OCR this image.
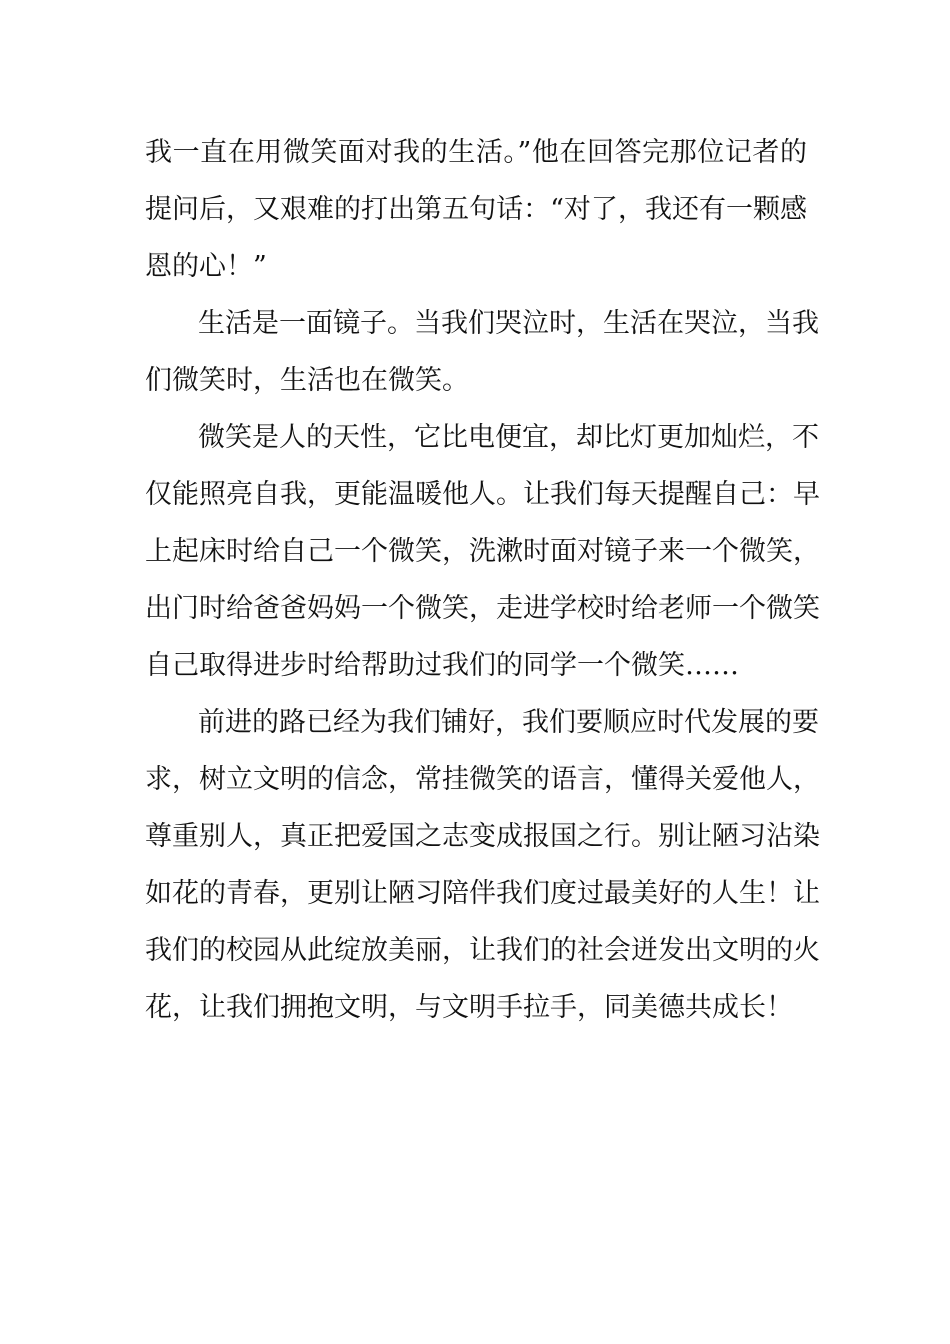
我一直在用微笑面对我的生活。”他在回答完那位记者的
提问后，又艰难的打出第五句话：“对了，我还有一颗感
恩的心！”
生活是一面镜子。当我们哭泣时，生活在哭泣，当我
们微笑时，生活也在微笑。
微笑是人的天性，它比电便宜，却比灯更加灿烂，不
仅能照亮自我，更能温暖他人。让我们每天提醒自己：早
上起床时给自己一个微笑，洗漱时面对镜子来一个微笑，
出门时给爸爸妈妈一个微笑，走进学校时给老师一个微笑
自己取得进步时给帮助过我们的同学一个微笑……
前进的路已经为我们铺好，我们要顺应时代发展的要
求，树立文明的信念，常挂微笑的语言，懂得关爱他人，
尊重别人，真正把爱国之志变成报国之行。别让陋习沾染
如花的青春，更别让陋习陪伴我们度过最美好的人生！让
我们的校园从此绽放美丽，让我们的社会迸发出文明的火
花，让我们拥抱文明，与文明手拉手，同美德共成长！
